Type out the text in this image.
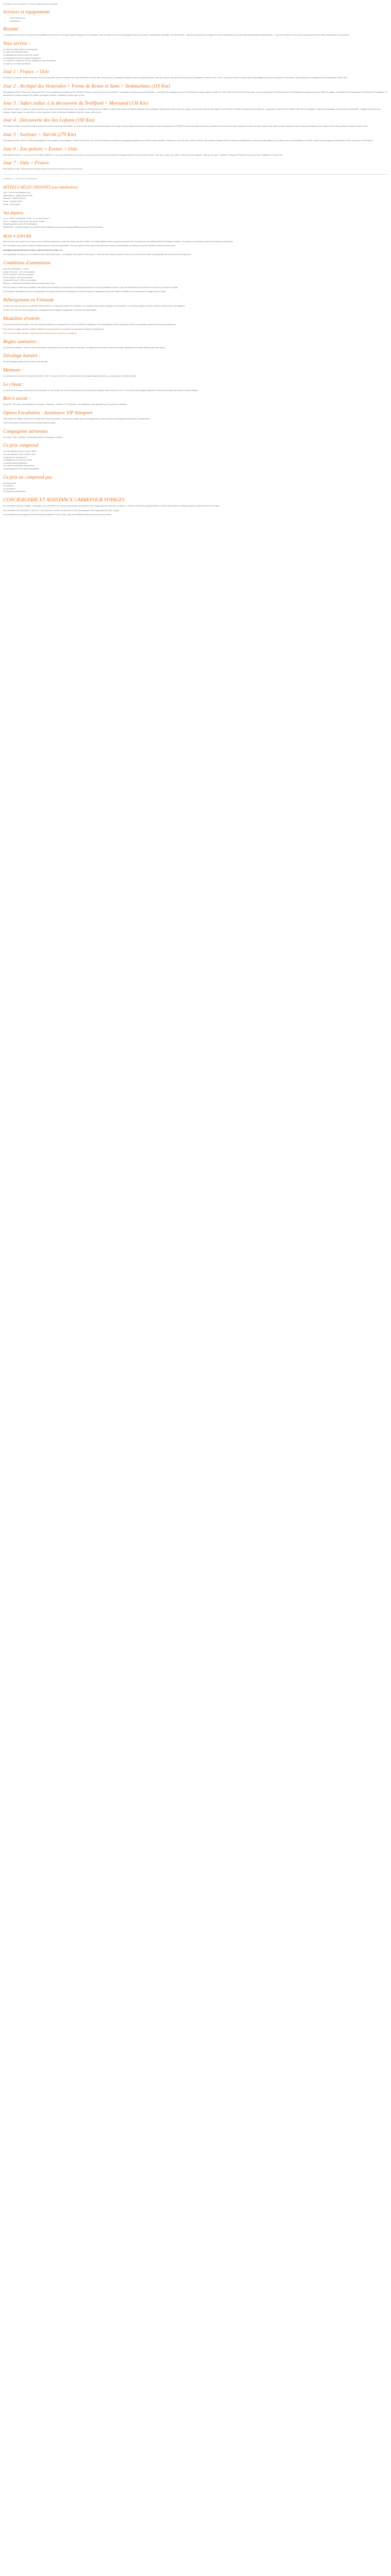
Description Ce prix comprend / Ce prix ne comprend pas Conciergerie
Services et équipements
• Guide francophone
• Conciergerie
Résumé

Ce programme vous offre de nombreuses possibilités pour découvrir la Norvège à partir de Bergen et de Trondheim. Entre les fjords du Sud et les paysages du Nord, les Lofoten, l'archipel des Vesterålen, les villes côtières... laissez-vous porter par la magie de ces lieux d'exception où la nature offre des spectacles spectaculaires... nous vous invitons à vivre un tour unique parmi les plus belles destinations du Grand Nord.

Vous arrivez :
Le mardi en milieu (saisons de printemps)
La visite d'une ferme de renne
Le Hjelpfjellet de Narvik et dîner au samedi
L'accompagnement par un guide francophone
Le croisière en Zodiac de l'île et le Trollfjord au cœur des lofoten
La visite du zoo Polaire de Bardu
Jour 1 : France > Oslo

Envol pour la Norvège. Arrivée à l'aéroport d'Oslo Gardermoen. Accueil et transfert vers votre hôtel dans le centre-ville. Découverte de la capitale norvégienne selon le temps disponible, avec ses musées, ses parcs et son port animé. Installation à l'hôtel et nuit. Le soir, vous pourrez flâner le long du port d'Aker Brygge et découvrir le quartier de Tjuvholmen, ses restaurants et ses galeries d'art contemporain. Nuit à Oslo.

Jour 2 : Archipel des Vesteralen > Ferme de Renne et Sami > Stokmarknes (110 Km)

Petit déjeuner buffet. Départ pour l'aéroport d'Oslo et envol matinal pour le grand nord et l'aéroport d'Evenes, situé au nord du cercle polaire. Continuation en autocar pour les Vesteralen : un archipel de montagnes, de lacs et de fjords où la nature règne en maître. En route, visite d'une ferme de rennes sami, où vous découvrirez la vie des éleveurs et les traditions du peuple autochtone. Déjeuner typique. Continuation vers Stokmarknes, le berceau de l'Hurtigruten, et découverte du musée consacré à la célèbre compagnie maritime. Installation à l'hôtel, dîner et nuit.

Jour 3 : Safari zodiac à la découverte du Trollfjord > Mortsund (130 Km)

Petit déjeuner buffet. Le matin, un rapide transfert vous mène au port de Svolvær pour une croisière en Zodiac jusqu'au Trollfjord, un fjord étroit entouré de falaises abruptes et de montagnes majestueuses. Avec un peu de chance, vous pourrez observer des aigles de mer. Retour à Svolvær et temps libre pour déjeuner. L'après-midi, route vers les Lofoten, entre mer et montagnes, à travers des paysages d'une beauté exceptionnelle : villages de pêcheurs aux maisons rouges, plages de sable blanc et eaux turquoise. Arrivée à Mortsund, installation dans les rorbuer, dîner et nuit.

Jour 4 : Découverte des îles Lofoten (190 Km)

Petit déjeuner buffet. Une journée entière consacrée à la découverte des îles Lofoten, qui sont l'un des lieux les plus spectaculaires de Norvège. Arrêt au village de pêcheurs de Nusfjord, classé au patrimoine de l'UNESCO, puis continuation vers Reine, Hamnøy et Å, au bout de la route. Déjeuner en cours de route. L'après-midi, visite du musée viking de Lofotr à Borg, reconstitution d'une maison de chef viking. Retour à Mortsund, dîner et nuit.

Jour 5 : Svolvaer > Narvik (270 Km)

Petit déjeuner buffet. Visite du célèbre photographe et de sa galerie à Henningsvær, construit sur les îles. Puis route vers Narvik en traversant les paysages grandioses des Lofoten et des Vesterålen. Déjeuner en cours de route. Arrivée à Narvik, ville portuaire chargée d'histoire. Montée en téléphérique au sommet du Narvikfjellet pour profiter d'une vue panoramique sur la ville, le fjord et les montagnes environnantes. Dîner au sommet. Nuit à Narvik.

Jour 6 : Zoo polaire > Evenes > Oslo

Petit déjeuner buffet. En route vers le Zoo Polaire de Bardu, le zoo le plus septentrional du monde, où vous pourrez observer les animaux de l'Arctique dans leur environnement naturel : ours bruns, loups, lynx, élans, rennes et bœufs musqués. Déjeuner sur place. Transfert à l'aéroport d'Evenes et envol pour Oslo. Installation à l'hôtel et nuit.

Jour 7 : Oslo > France

Petit déjeuner buffet. Transfert vers l'aéroport d'Oslo et envol vers la France. Fin de nos services.

Prestations : 7 / Maximum 50 participants

HÔTELS SÉLECTIONNÉS (ou similaires)
Oslo : Park Inn by Radisson Oslo
Stokmarknes : Quality Richard With
Mortsund : Mortsund Rorbu
Narvik : Scandic Narvik
Narvik : Thon Narvik
Vos départs
Jour 1 : Envol à destination d'Oslo – fin du circuit le jour 7
Jour 3 : Croisière et découverte des îles en Zodiac
Départs garantis à partir de 2 participants.
IMPORTANT : les tarifs indiqués sont donnés à titre indicatif et sous réserve de disponibilités au moment de la réservation.
BON A SAVOIR

Merci de noter qu'en raison de la saison et des conditions climatiques, l'ordre des visites peut être modifié. Les hôtels indiqués dans le programme peuvent être remplacés par des établissements de catégorie similaire. Les repas non mentionnés restent à la charge des participants.

Pour les départs hors saison, certaines activités peuvent ne pas être disponibles. Pour les séjours en été, prévoir des vêtements chauds et imperméables, le climat pouvant être variable au-delà du cercle polaire.

INFORMATION IMPORTANTE POUR LA SÉLECTION DE VOTRE VOL

Il est nécessaire de réserver un vol arrivant à Oslo avant 14h00 le jour 1 et repartant d'Oslo après 12h00 le jour 7. Merci de nous contacter avant de réserver vos vols afin de vérifier la compatibilité des horaires avec le programme.

Conditions d'annulation
Frais de modifications : 0 euros
A plus de 30 jours : 15% du prix global
De 30 à 16 jours : 25% du prix global
De 15 à 8 jours : 50% du prix global
A moins de 8 jours : 100% du prix global
Attention : l'assurance annulation n'est pas incluse dans le prix.

Pour les ventes au détail des prestations hors forfait, toute annulation est soumise aux conditions générales de vente du prestataire concerné. Les frais d'annulation sont calculés sur la base du prix total du voyage.

Nos conditions générales de vente sont disponibles sur simple demande et consultables sur notre site internet. Il appartient au client de vérifier la validité de ses documents de voyage avant le départ.

Hébergement en Finlande

Veuillez noter que les hôtels de petite taille offrent parfois un confort plus simple. En Scandinavie, les chambres sont souvent équipées de lits jumeaux. Les chambres triples sont des chambres doubles avec un lit d'appoint.

L'hôtel ou le rorbu peut être remplacé par un établissement de catégorie équivalente en fonction des disponibilités.

Modalités d'entrée :

Pour les ressortissants français, une carte nationale d'identité ou un passeport en cours de validité est obligatoire. Les ressortissants d'autres nationalités doivent se renseigner auprès des autorités compétentes.

Pour partir en voyage, pensez à vérifier la validité de vos documents et à souscrire une assurance assistance rapatriement.

Pour toute information sanitaire : https://www.diplomatie.gouv.fr/fr/conseils-aux-voyageurs/

Règles sanitaires :

Vos mesures sanitaires : aucune mesure particulière n'est requise à ce jour pour entrer en Norvège. Les règles peuvent évoluer, merci de consulter régulièrement les sites officiels avant votre départ.

Décalage horaire :

Pas de décalage horaire entre la France et la Norvège.

Monnaie :

La monnaie est la couronne norvégienne (NOK). 1 EUR = environ 11,5 NOK. La carte bancaire est acceptée quasiment partout, y compris pour de petits montants.

Le climat :

Le climat de la Norvège est tempéré sur la côte grâce au Gulf Stream. Au nord du cercle polaire, les températures estivales varient entre 10 et 20°C, et la météo peut changer rapidement. Prévoyez des vêtements chauds et imperméables.

Bon à savoir :

Électricité : 220 volts, prises identiques à la France. Téléphone : indicatif +47. Pourboires : non obligatoires mais appréciés pour le guide et le chauffeur.

Option Facultative : Assistance VIP Aéroport

Cette option est valable uniquement au départ des aéroports parisiens : accueil personnalisé, aide à l'enregistrement, accès au salon et accompagnement jusqu'à l'embarquement.

Tarif sur demande, à réserver au moins 15 jours avant le départ.

Compagnies aériennes

Air France, KLM, Lufthansa, Scandinavian Airlines, Norwegian ou autres...

Ce prix comprend
Les vols réguliers France / Oslo / France
Les vols intérieurs Oslo / Evenes / Oslo
Le transport en autocar privé
L'hébergement en hôtels et rorbuer
La pension selon programme
Les visites et excursions mentionnées
L'accompagnement d'un guide francophone
Ce prix ne comprend pas
Les assurances
Les boissons
Les pourboires
Les dépenses personnelles
CONCIERGERIE ET ASSISTANCE CARREFOUR VOYAGES

En choisissant Carrefour Voyages Conciergerie, vous bénéficiez d'un service personnalisé pour préparer votre voyage dans les meilleures conditions : conseils, réservations complémentaires, suivi de votre dossier et assistance avant, pendant et après votre séjour.

Nos conseillers sont disponibles 7 jours sur 7 pour répondre à toutes vos questions et vous accompagner dans l'organisation de votre voyage.

Les prestations de conciergerie sont accessibles par téléphone et par e-mail, selon les modalités précisées lors de votre réservation.
